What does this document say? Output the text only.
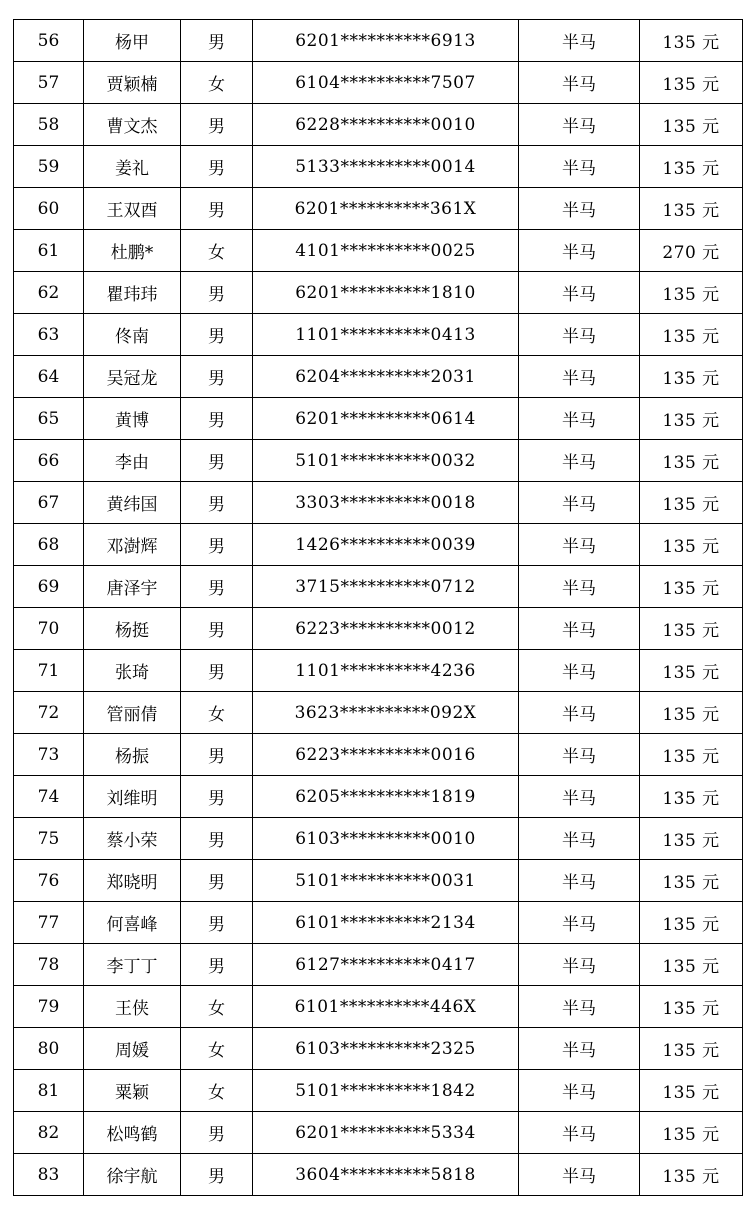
56	杨甲	男	6201**********6913	半马	135 元
57	贾颖楠	女	6104**********7507	半马	135 元
58	曹文杰	男	6228**********0010	半马	135 元
59	姜礼	男	5133**********0014	半马	135 元
60	王双酉	男	6201**********361X	半马	135 元
61	杜鹏*	女	4101**********0025	半马	270 元
62	瞿玮玮	男	6201**********1810	半马	135 元
63	佟南	男	1101**********0413	半马	135 元
64	吴冠龙	男	6204**********2031	半马	135 元
65	黄博	男	6201**********0614	半马	135 元
66	李由	男	5101**********0032	半马	135 元
67	黄纬国	男	3303**********0018	半马	135 元
68	邓澍辉	男	1426**********0039	半马	135 元
69	唐泽宇	男	3715**********0712	半马	135 元
70	杨挺	男	6223**********0012	半马	135 元
71	张琦	男	1101**********4236	半马	135 元
72	管丽倩	女	3623**********092X	半马	135 元
73	杨振	男	6223**********0016	半马	135 元
74	刘维明	男	6205**********1819	半马	135 元
75	蔡小荣	男	6103**********0010	半马	135 元
76	郑晓明	男	5101**********0031	半马	135 元
77	何喜峰	男	6101**********2134	半马	135 元
78	李丁丁	男	6127**********0417	半马	135 元
79	王侠	女	6101**********446X	半马	135 元
80	周媛	女	6103**********2325	半马	135 元
81	粟颖	女	5101**********1842	半马	135 元
82	松鸣鹤	男	6201**********5334	半马	135 元
83	徐宇航	男	3604**********5818	半马	135 元
